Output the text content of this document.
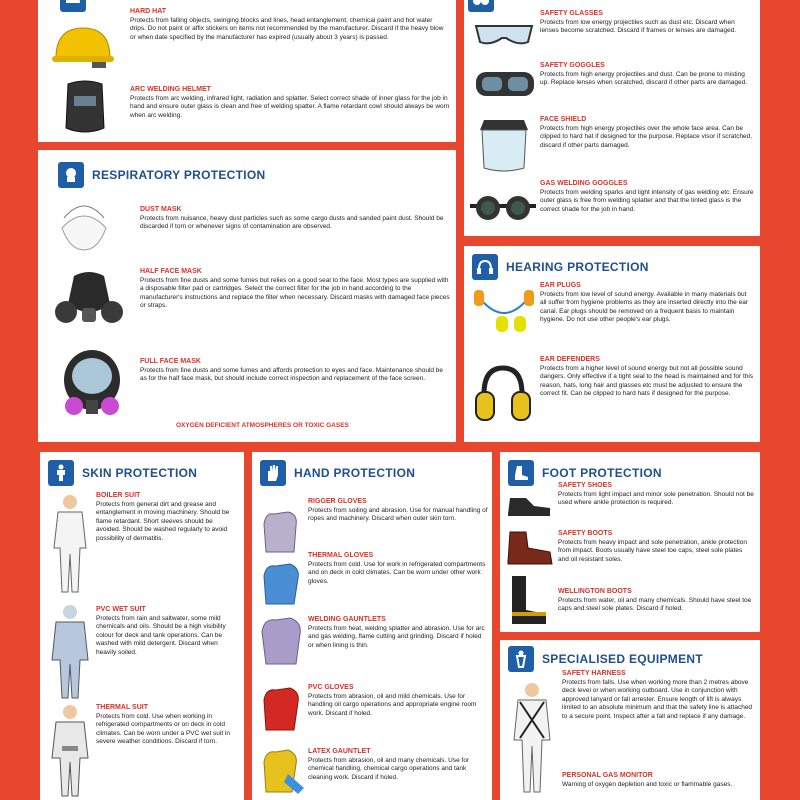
HARD HAT
Protects from falling objects, swinging blocks and lines, head entanglement, chemical paint and hot water drips. Do not paint or affix stickers on items not recommended by the manufacturer. Discard if the heavy blow or when date specified by the manufacturer has expired (usually about 3 years) is passed.
ARC WELDING HELMET
Protects from arc welding, infrared light, radiation and splatter. Select correct shade of inner glass for the job in hand and ensure outer glass is clean and free of welding spatter. A flame retardant cowl should always be worn when arc welding.
SAFETY GLASSES
Protects from low energy projectiles such as dust etc. Discard when lenses become scratched. Discard if frames or lenses are damaged.
SAFETY GOGGLES
Protects from high energy projectiles and dust. Can be prone to misting up. Replace lenses when scratched, discard if other parts are damaged.
FACE SHIELD
Protects from high energy projectiles over the whole face area. Can be clipped to hard hat if designed for the purpose. Replace visor if scratched, discard if other parts damaged.
GAS WELDING GOGGLES
Protects from welding sparks and light intensity of gas welding etc. Ensure outer glass is free from welding splatter and that the tinted glass is the correct shade for the job in hand.
RESPIRATORY PROTECTION
DUST MASK
Protects from nuisance, heavy dust particles such as some cargo dusts and sanded paint dust. Should be discarded if torn or whenever signs of contamination are observed.
HALF FACE MASK
Protects from fine dusts and some fumes but relies on a good seal to the face. Most types are supplied with a disposable filter pad or cartridges. Select the correct filter for the job in hand according to the manufacturer's instructions and replace the filter when necessary. Discard masks with damaged face pieces or straps.
FULL FACE MASK
Protects from fine dusts and some fumes and affords protection to eyes and face. Maintenance should be as for the half face mask, but should include correct inspection and replacement of the face screen.
OXYGEN DEFICIENT ATMOSPHERES OR TOXIC GASES
HEARING PROTECTION
EAR PLUGS
Protects from low level of sound energy. Available in many materials but all suffer from hygiene problems as they are inserted directly into the ear canal. Ear plugs should be removed on a frequent basis to maintain hygiene. Do not use other people's ear plugs.
EAR DEFENDERS
Protects from a higher level of sound energy but not all possible sound dangers. Only effective if a tight seal to the head is maintained and for this reason, hats, long hair and glasses etc must be adjusted to ensure the correct fit. Can be clipped to hard hats if designed for the purpose.
SKIN PROTECTION
BOILER SUIT
Protects from general dirt and grease and entanglement in moving machinery. Should be flame retardant. Short sleeves should be avoided. Should be washed regularly to avoid possibility of dermatitis.
PVC WET SUIT
Protects from rain and saltwater, some mild chemicals and oils. Should be a high visibility colour for deck and tank operations. Can be washed with mild detergent. Discard when heavily soiled.
THERMAL SUIT
Protects from cold. Use when working in refrigerated compartments or on deck in cold climates. Can be worn under a PVC wet suit in severe weather conditions. Discard if torn.
HAND PROTECTION
RIGGER GLOVES
Protects from soiling and abrasion. Use for manual handling of ropes and machinery. Discard when outer skin torn.
THERMAL GLOVES
Protects from cold. Use for work in refrigerated compartments and on deck in cold climates. Can be worn under other work gloves.
WELDING GAUNTLETS
Protects from heat, welding splatter and abrasion. Use for arc and gas welding, flame cutting and grinding. Discard if holed or when lining is thin.
PVC GLOVES
Protects from abrasion, oil and mild chemicals. Use for handling oil cargo operations and appropriate engine room work. Discard if holed.
LATEX GAUNTLET
Protects from abrasion, oil and many chemicals. Use for chemical handling, chemical cargo operations and tank cleaning work. Discard if holed.
FOOT PROTECTION
SAFETY SHOES
Protects from light impact and minor sole penetration. Should not be used where ankle protection is required.
SAFETY BOOTS
Protects from heavy impact and sole penetration, ankle protection from impact. Boots usually have steel toe caps, steel sole plates and oil resistant soles.
WELLINGTON BOOTS
Protects from water, oil and many chemicals. Should have steel toe caps and steel sole plates. Discard if holed.
SPECIALISED EQUIPMENT
SAFETY HARNESS
Protects from falls. Use when working more than 2 metres above deck level or when working outboard. Use in conjunction with approved lanyard or fall arrester. Ensure length of lift is always limited to an absolute minimum and that the safety line is attached to a secure point. Inspect after a fall and replace if any damage.
PERSONAL GAS MONITOR
Warning of oxygen depletion and toxic or flammable gases.
